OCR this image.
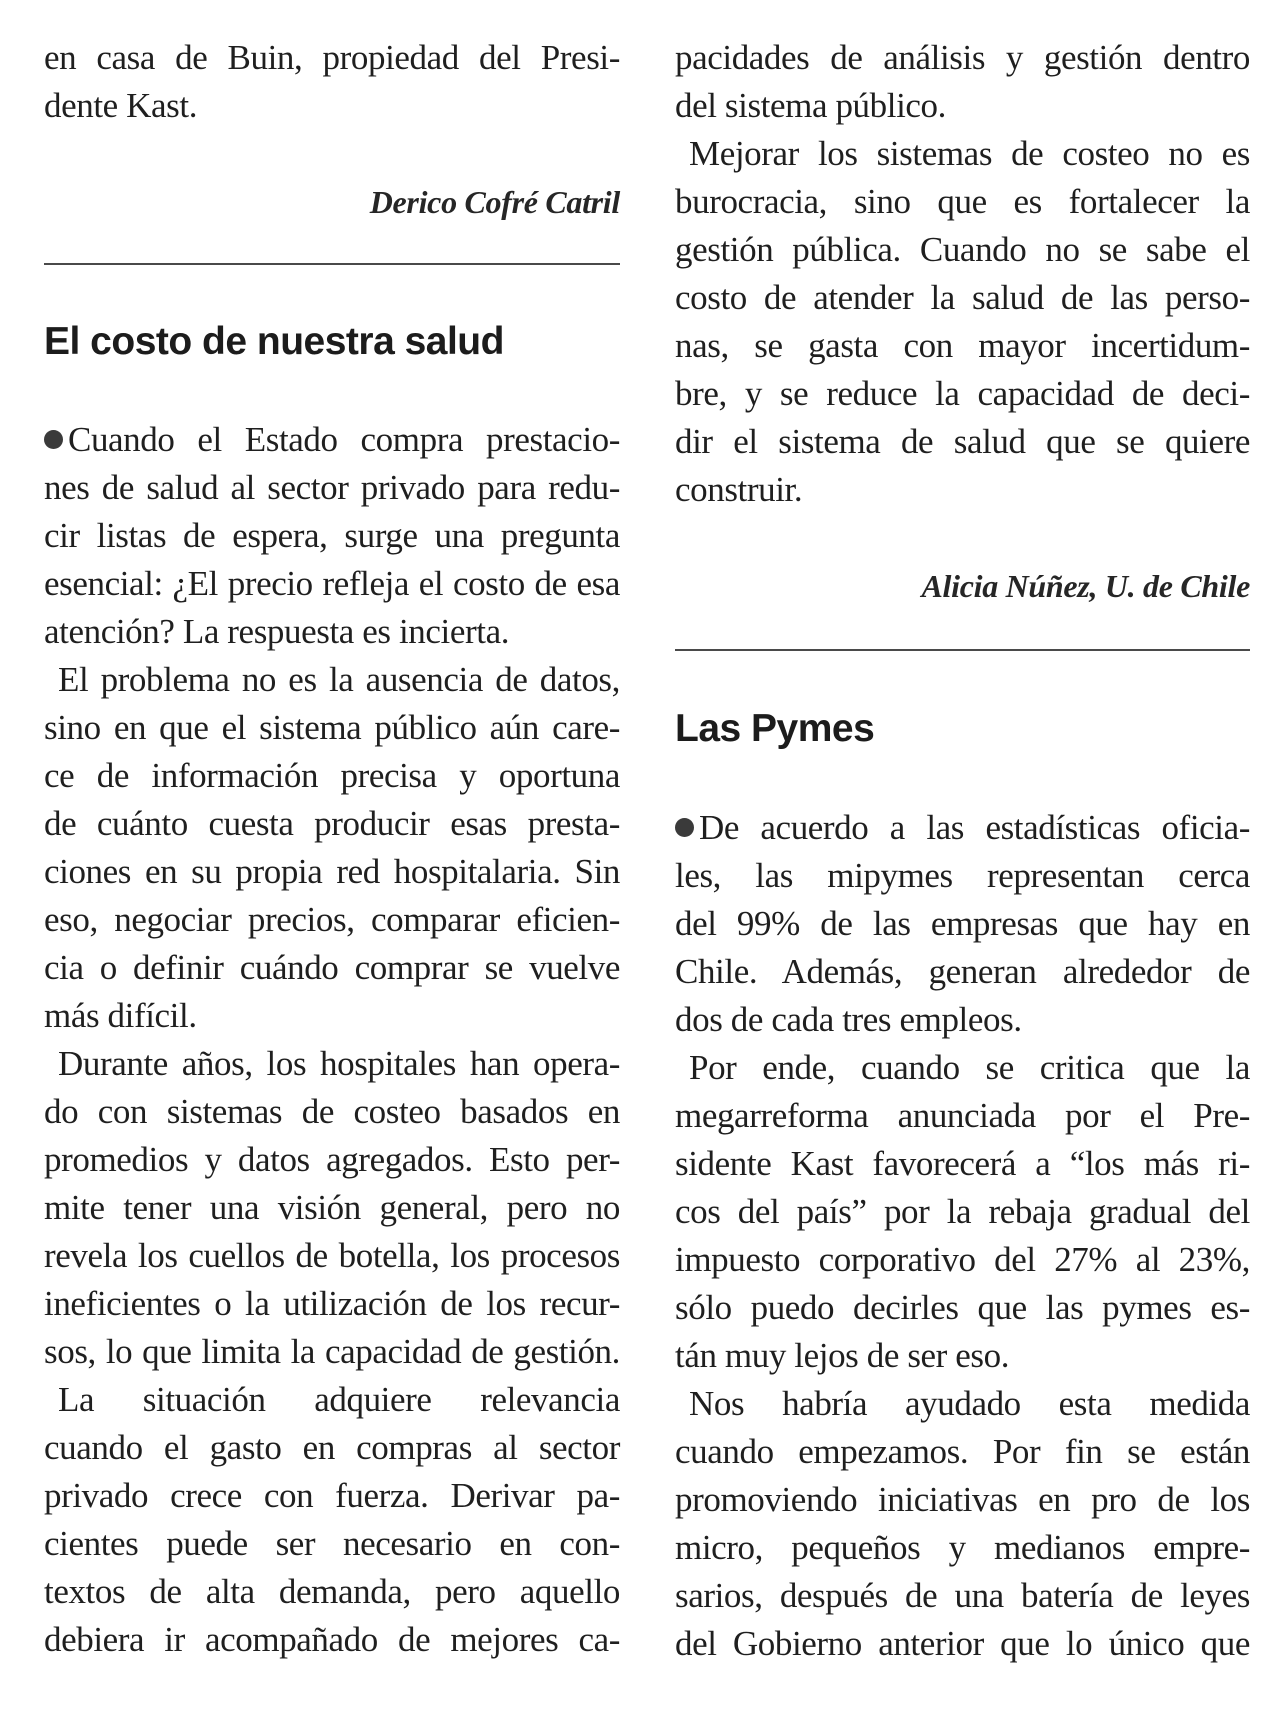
en casa de Buin, propiedad del Presi-
dente Kast.
Derico Cofré Catril
El costo de nuestra salud
Cuando el Estado compra prestacio-
nes de salud al sector privado para redu-
cir listas de espera, surge una pregunta
esencial: ¿El precio refleja el costo de esa
atención? La respuesta es incierta.
El problema no es la ausencia de datos,
sino en que el sistema público aún care-
ce de información precisa y oportuna
de cuánto cuesta producir esas presta-
ciones en su propia red hospitalaria. Sin
eso, negociar precios, comparar eficien-
cia o definir cuándo comprar se vuelve
más difícil.
Durante años, los hospitales han opera-
do con sistemas de costeo basados en
promedios y datos agregados. Esto per-
mite tener una visión general, pero no
revela los cuellos de botella, los procesos
ineficientes o la utilización de los recur-
sos, lo que limita la capacidad de gestión.
La situación adquiere relevancia
cuando el gasto en compras al sector
privado crece con fuerza. Derivar pa-
cientes puede ser necesario en con-
textos de alta demanda, pero aquello
debiera ir acompañado de mejores ca-
pacidades de análisis y gestión dentro
del sistema público.
Mejorar los sistemas de costeo no es
burocracia, sino que es fortalecer la
gestión pública. Cuando no se sabe el
costo de atender la salud de las perso-
nas, se gasta con mayor incertidum-
bre, y se reduce la capacidad de deci-
dir el sistema de salud que se quiere
construir.
Alicia Núñez, U. de Chile
Las Pymes
De acuerdo a las estadísticas oficia-
les, las mipymes representan cerca
del 99% de las empresas que hay en
Chile. Además, generan alrededor de
dos de cada tres empleos.
Por ende, cuando se critica que la
megarreforma anunciada por el Pre-
sidente Kast favorecerá a “los más ri-
cos del país” por la rebaja gradual del
impuesto corporativo del 27% al 23%,
sólo puedo decirles que las pymes es-
tán muy lejos de ser eso.
Nos habría ayudado esta medida
cuando empezamos. Por fin se están
promoviendo iniciativas en pro de los
micro, pequeños y medianos empre-
sarios, después de una batería de leyes
del Gobierno anterior que lo único que
